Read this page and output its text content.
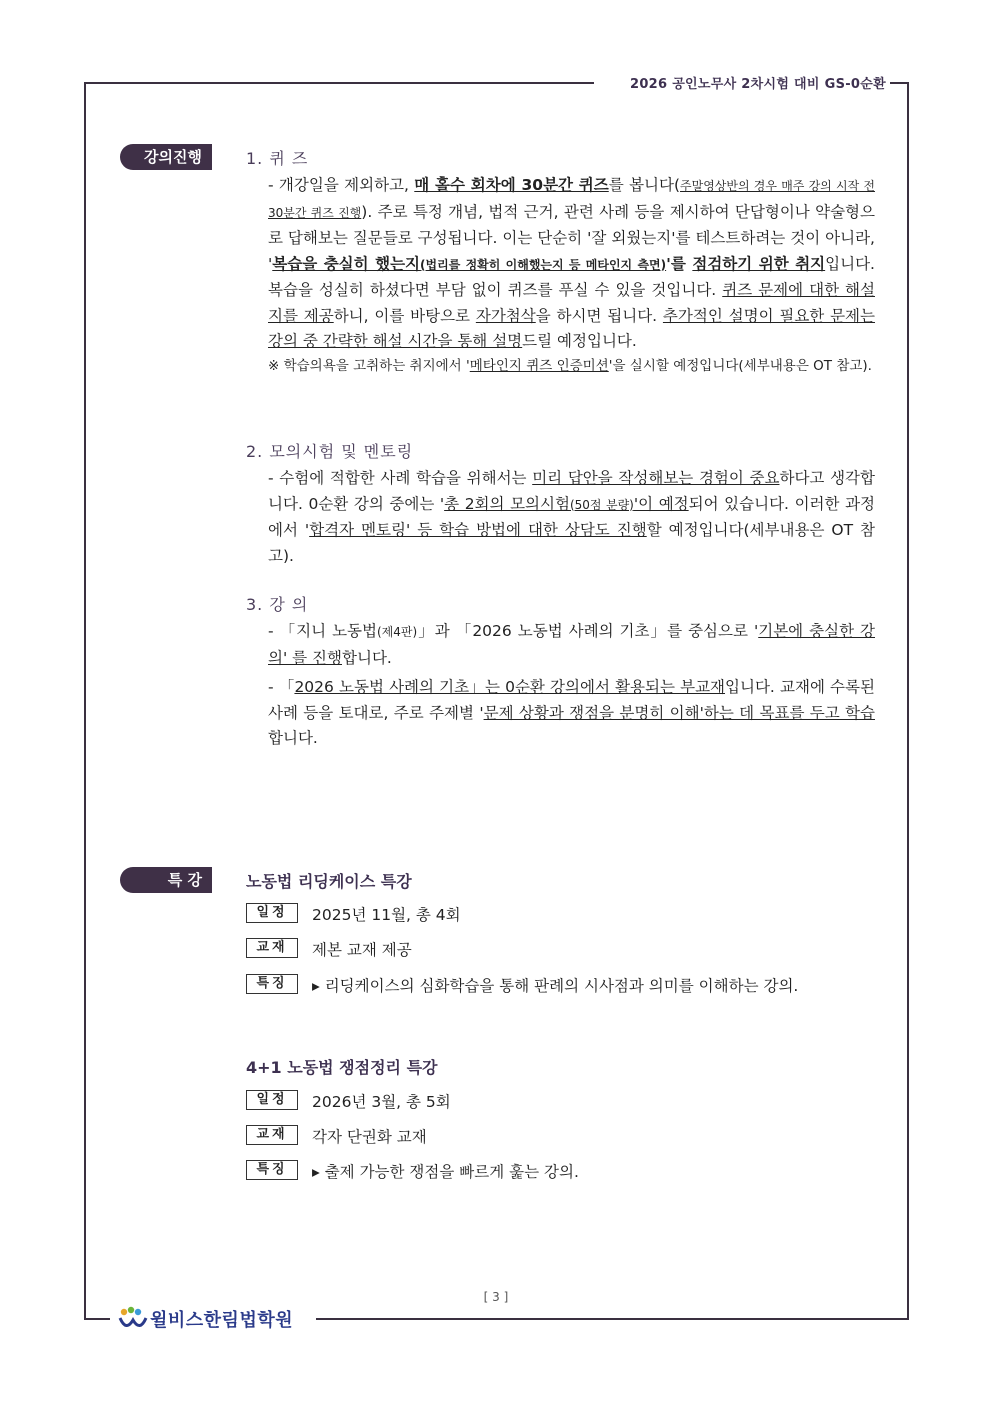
2026 공인노무사 2차시험 대비 GS-0순환
강의진행	1. 퀴 즈
- 개강일을 제외하고, 매 홀수 회차에 30분간 퀴즈를 봅니다(주말영상반의 경우 매주 강의 시작 전 30분간 퀴즈 진행). 주로 특정 개념, 법적 근거, 관련 사례 등을 제시하여 단답형이나 약술형으로 답해보는 질문들로 구성됩니다. 이는 단순히 '잘 외웠는지'를 테스트하려는 것이 아니라, '복습을 충실히 했는지(법리를 정확히 이해했는지 등 메타인지 측면)'를 점검하기 위한 취지입니다. 복습을 성실히 하셨다면 부담 없이 퀴즈를 푸실 수 있을 것입니다. 퀴즈 문제에 대한 해설지를 제공하니, 이를 바탕으로 자가첨삭을 하시면 됩니다. 추가적인 설명이 필요한 문제는 강의 중 간략한 해설 시간을 통해 설명드릴 예정입니다.
※ 학습의욕을 고취하는 취지에서 '메타인지 퀴즈 인증미션'을 실시할 예정입니다(세부내용은 OT 참고).
2. 모의시험 및 멘토링
- 수험에 적합한 사례 학습을 위해서는 미리 답안을 작성해보는 경험이 중요하다고 생각합니다. 0순환 강의 중에는 '총 2회의 모의시험(50점 분량)'이 예정되어 있습니다. 이러한 과정에서 '합격자 멘토링' 등 학습 방법에 대한 상담도 진행할 예정입니다(세부내용은 OT 참고).
3. 강 의
- 「지니 노동법(제4판)」과 「2026 노동법 사례의 기초」를 중심으로 '기본에 충실한 강의' 를 진행합니다.
- 「2026 노동법 사례의 기초」는 0순환 강의에서 활용되는 부교재입니다. 교재에 수록된 사례 등을 토대로, 주로 주제별 '문제 상황과 쟁점을 분명히 이해'하는 데 목표를 두고 학습합니다.
특 강	노동법 리딩케이스 특강
일정	2025년 11월, 총 4회
교재	제본 교재 제공
특징	▸ 리딩케이스의 심화학습을 통해 판례의 시사점과 의미를 이해하는 강의.
4+1 노동법 쟁점정리 특강
일정	2026년 3월, 총 5회
교재	각자 단권화 교재
특징	▸ 출제 가능한 쟁점을 빠르게 훑는 강의.
[ 3 ]
윌비스한림법학원
